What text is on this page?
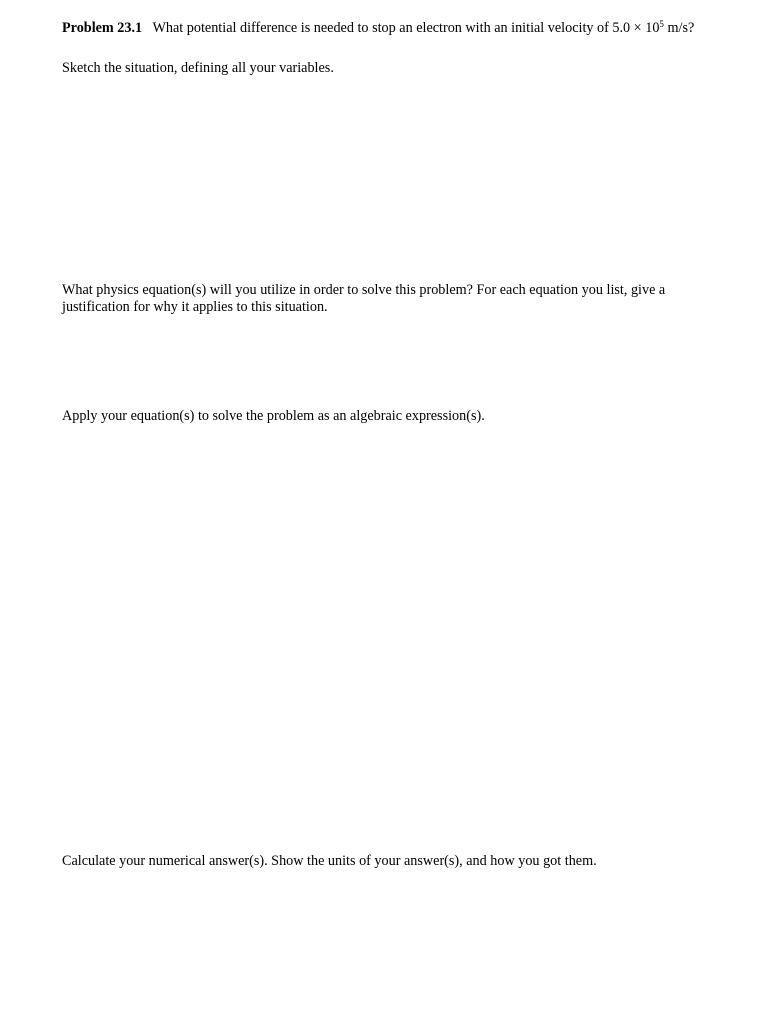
Problem 23.1 What potential difference is needed to stop an electron with an initial velocity of $5.0 \times 10^5$ m/s?
Sketch the situation, defining all your variables.
What physics equation(s) will you utilize in order to solve this problem? For each equation you list, give a justification for why it applies to this situation.
Apply your equation(s) to solve the problem as an algebraic expression(s).
Calculate your numerical answer(s). Show the units of your answer(s), and how you got them.
